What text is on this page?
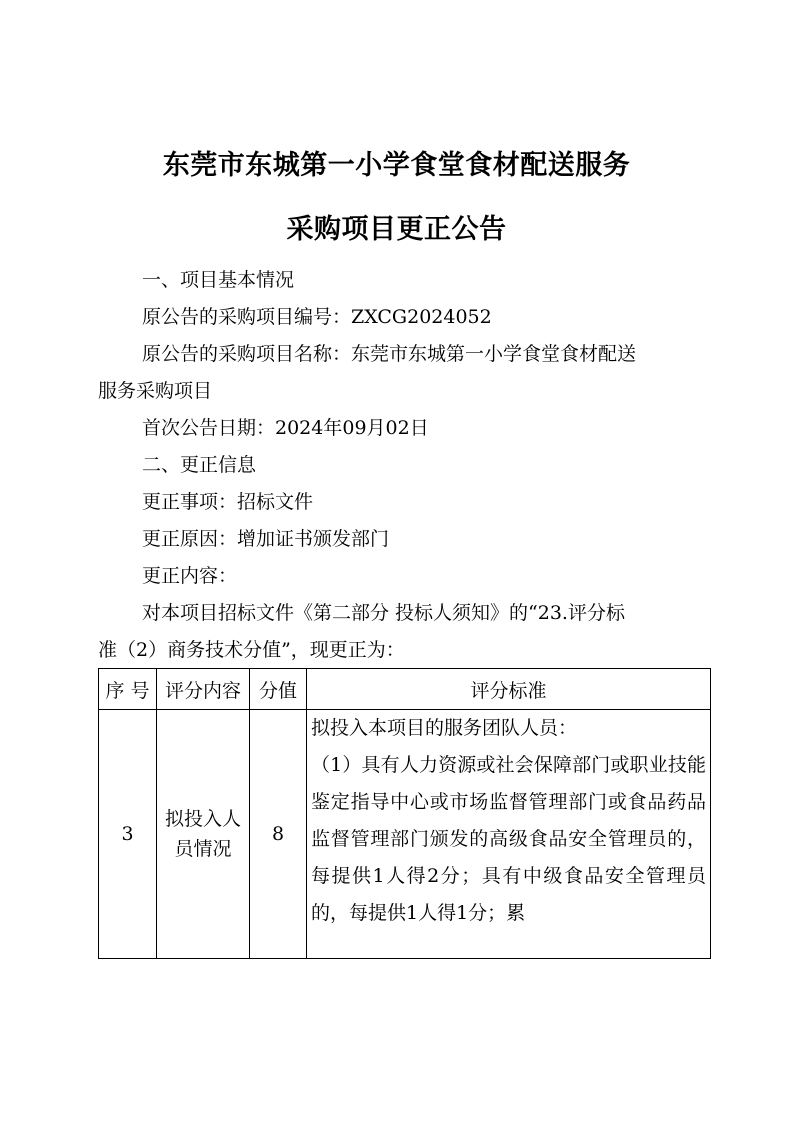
东莞市东城第一小学食堂食材配送服务
采购项目更正公告
一、项目基本情况
原公告的采购项目编号：ZXCG2024052
原公告的采购项目名称：东莞市东城第一小学食堂食材配送
服务采购项目
首次公告日期：2024年09月02日
二、更正信息
更正事项：招标文件
更正原因：增加证书颁发部门
更正内容：
对本项目招标文件《第二部分 投标人须知》的“23.评分标
准（2）商务技术分值”，现更正为：
序 号	评分内容	分值	评分标准
3	拟投入人员情况	8	拟投入本项目的服务团队人员：
（1）具有人力资源或社会保障部门或职业技能鉴定指导中心或市场监督管理部门或食品药品监督管理部门颁发的高级食品安全管理员的，每提供1人得2分；具有中级食品安全管理员的，每提供1人得1分；累
